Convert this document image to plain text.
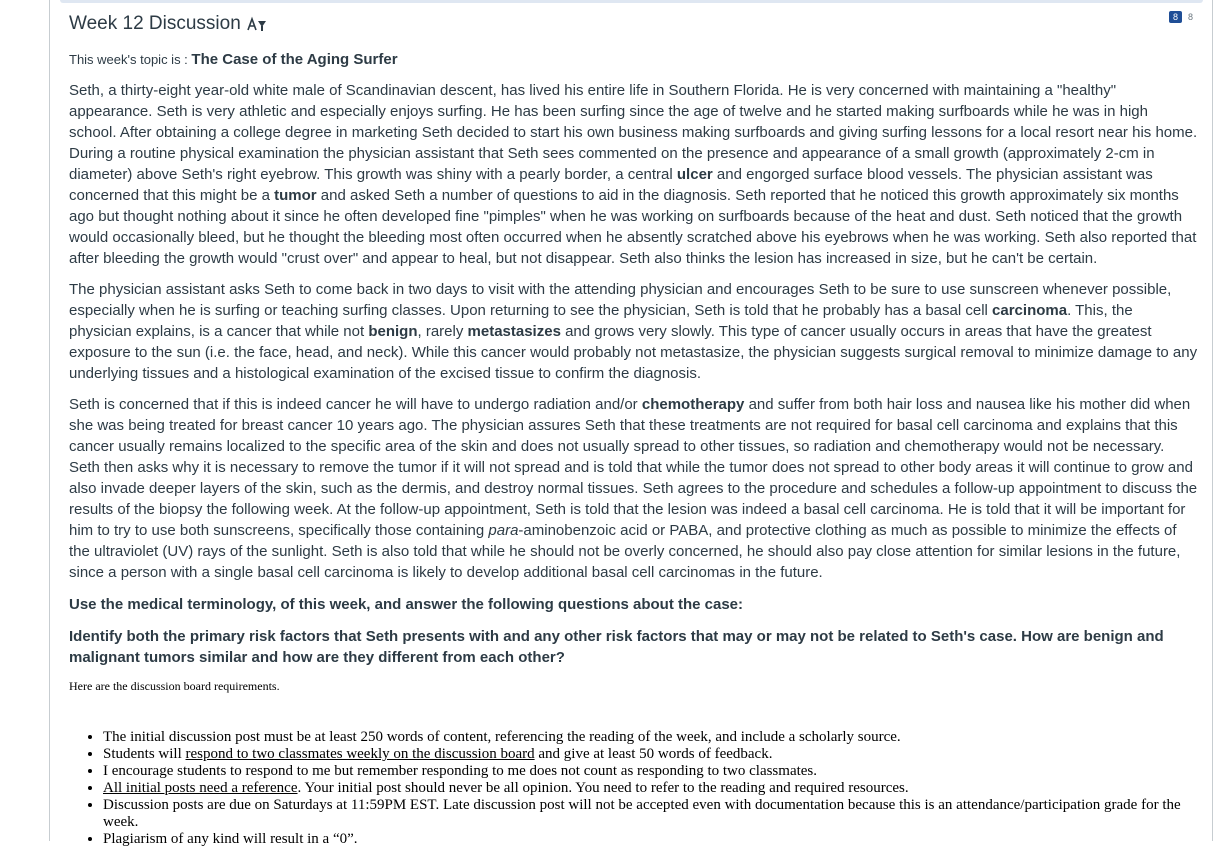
Week 12 Discussion	8	8
This week's topic is : The Case of the Aging Surfer

Seth, a thirty-eight year-old white male of Scandinavian descent, has lived his entire life in Southern Florida. He is very concerned with maintaining a "healthy" appearance. Seth is very athletic and especially enjoys surfing. He has been surfing since the age of twelve and he started making surfboards while he was in high school. After obtaining a college degree in marketing Seth decided to start his own business making surfboards and giving surfing lessons for a local resort near his home. During a routine physical examination the physician assistant that Seth sees commented on the presence and appearance of a small growth (approximately 2-cm in diameter) above Seth's right eyebrow. This growth was shiny with a pearly border, a central ulcer and engorged surface blood vessels. The physician assistant was concerned that this might be a tumor and asked Seth a number of questions to aid in the diagnosis. Seth reported that he noticed this growth approximately six months ago but thought nothing about it since he often developed fine "pimples" when he was working on surfboards because of the heat and dust. Seth noticed that the growth would occasionally bleed, but he thought the bleeding most often occurred when he absently scratched above his eyebrows when he was working. Seth also reported that after bleeding the growth would "crust over" and appear to heal, but not disappear. Seth also thinks the lesion has increased in size, but he can't be certain.

The physician assistant asks Seth to come back in two days to visit with the attending physician and encourages Seth to be sure to use sunscreen whenever possible, especially when he is surfing or teaching surfing classes. Upon returning to see the physician, Seth is told that he probably has a basal cell carcinoma. This, the physician explains, is a cancer that while not benign, rarely metastasizes and grows very slowly. This type of cancer usually occurs in areas that have the greatest exposure to the sun (i.e. the face, head, and neck). While this cancer would probably not metastasize, the physician suggests surgical removal to minimize damage to any underlying tissues and a histological examination of the excised tissue to confirm the diagnosis.

Seth is concerned that if this is indeed cancer he will have to undergo radiation and/or chemotherapy and suffer from both hair loss and nausea like his mother did when she was being treated for breast cancer 10 years ago. The physician assures Seth that these treatments are not required for basal cell carcinoma and explains that this cancer usually remains localized to the specific area of the skin and does not usually spread to other tissues, so radiation and chemotherapy would not be necessary. Seth then asks why it is necessary to remove the tumor if it will not spread and is told that while the tumor does not spread to other body areas it will continue to grow and also invade deeper layers of the skin, such as the dermis, and destroy normal tissues. Seth agrees to the procedure and schedules a follow-up appointment to discuss the results of the biopsy the following week. At the follow-up appointment, Seth is told that the lesion was indeed a basal cell carcinoma. He is told that it will be important for him to try to use both sunscreens, specifically those containing para-aminobenzoic acid or PABA, and protective clothing as much as possible to minimize the effects of the ultraviolet (UV) rays of the sunlight. Seth is also told that while he should not be overly concerned, he should also pay close attention for similar lesions in the future, since a person with a single basal cell carcinoma is likely to develop additional basal cell carcinomas in the future.

Use the medical terminology, of this week, and answer the following questions about the case:
Identify both the primary risk factors that Seth presents with and any other risk factors that may or may not be related to Seth's case. How are benign and malignant tumors similar and how are they different from each other?
Here are the discussion board requirements.
• The initial discussion post must be at least 250 words of content, referencing the reading of the week, and include a scholarly source.
• Students will respond to two classmates weekly on the discussion board and give at least 50 words of feedback.
• I encourage students to respond to me but remember responding to me does not count as responding to two classmates.
• All initial posts need a reference. Your initial post should never be all opinion. You need to refer to the reading and required resources.
• Discussion posts are due on Saturdays at 11:59PM EST. Late discussion post will not be accepted even with documentation because this is an attendance/participation grade for the week.
• Plagiarism of any kind will result in a “0”.
